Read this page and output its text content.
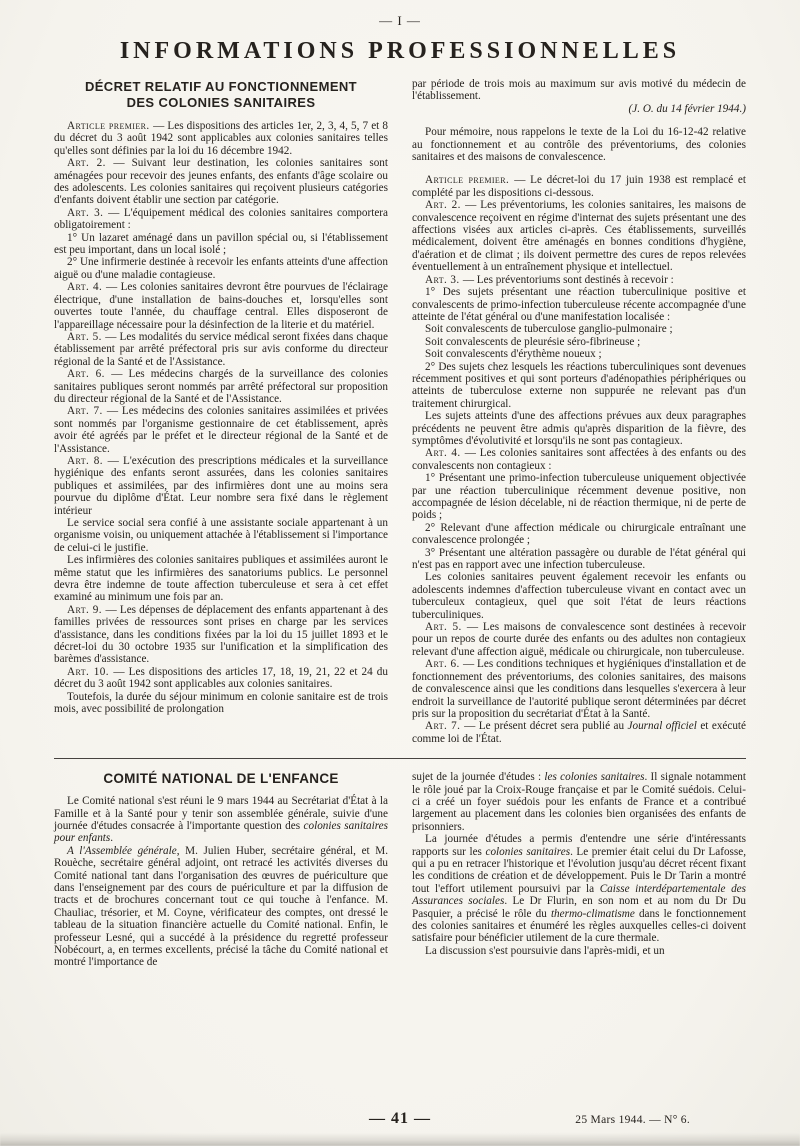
— I —
INFORMATIONS PROFESSIONNELLES
DÉCRET RELATIF AU FONCTIONNEMENT
DES COLONIES SANITAIRES

Article premier. — Les dispositions des articles 1er, 2, 3, 4, 5, 7 et 8 du décret du 3 août 1942 sont applicables aux colonies sanitaires telles qu'elles sont définies par la loi du 16 décembre 1942.

Art. 2. — Suivant leur destination, les colonies sanitaires sont aménagées pour recevoir des jeunes enfants, des enfants d'âge scolaire ou des adolescents. Les colonies sanitaires qui reçoivent plusieurs catégories d'enfants doivent établir une section par catégorie.

Art. 3. — L'équipement médical des colonies sanitaires comportera obligatoirement :

1° Un lazaret aménagé dans un pavillon spécial ou, si l'établissement est peu important, dans un local isolé ;

2° Une infirmerie destinée à recevoir les enfants atteints d'une affection aiguë ou d'une maladie contagieuse.

Art. 4. — Les colonies sanitaires devront être pourvues de l'éclairage électrique, d'une installation de bains-douches et, lorsqu'elles sont ouvertes toute l'année, du chauffage central. Elles disposeront de l'appareillage nécessaire pour la désinfection de la literie et du matériel.

Art. 5. — Les modalités du service médical seront fixées dans chaque établissement par arrêté préfectoral pris sur avis conforme du directeur régional de la Santé et de l'Assistance.

Art. 6. — Les médecins chargés de la surveillance des colonies sanitaires publiques seront nommés par arrêté préfectoral sur proposition du directeur régional de la Santé et de l'Assistance.

Art. 7. — Les médecins des colonies sanitaires assimilées et privées sont nommés par l'organisme gestionnaire de cet établissement, après avoir été agréés par le préfet et le directeur régional de la Santé et de l'Assistance.

Art. 8. — L'exécution des prescriptions médicales et la surveillance hygiénique des enfants seront assurées, dans les colonies sanitaires publiques et assimilées, par des infirmières dont une au moins sera pourvue du diplôme d'État. Leur nombre sera fixé dans le règlement intérieur

Le service social sera confié à une assistante sociale appartenant à un organisme voisin, ou uniquement attachée à l'établissement si l'importance de celui-ci le justifie.

Les infirmières des colonies sanitaires publiques et assimilées auront le même statut que les infirmières des sanatoriums publics. Le personnel devra être indemne de toute affection tuberculeuse et sera à cet effet examiné au minimum une fois par an.

Art. 9. — Les dépenses de déplacement des enfants appartenant à des familles privées de ressources sont prises en charge par les services d'assistance, dans les conditions fixées par la loi du 15 juillet 1893 et le décret-loi du 30 octobre 1935 sur l'unification et la simplification des barèmes d'assistance.

Art. 10. — Les dispositions des articles 17, 18, 19, 21, 22 et 24 du décret du 3 août 1942 sont applicables aux colonies sanitaires.

Toutefois, la durée du séjour minimum en colonie sanitaire est de trois mois, avec possibilité de prolongation

par période de trois mois au maximum sur avis motivé du médecin de l'établissement.

(J. O. du 14 février 1944.)

Pour mémoire, nous rappelons le texte de la Loi du 16-12-42 relative au fonctionnement et au contrôle des préventoriums, des colonies sanitaires et des maisons de convalescence.

Article premier. — Le décret-loi du 17 juin 1938 est remplacé et complété par les dispositions ci-dessous.

Art. 2. — Les préventoriums, les colonies sanitaires, les maisons de convalescence reçoivent en régime d'internat des sujets présentant une des affections visées aux articles ci-après. Ces établissements, surveillés médicalement, doivent être aménagés en bonnes conditions d'hygiène, d'aération et de climat ; ils doivent permettre des cures de repos relevées éventuellement à un entraînement physique et intellectuel.

Art. 3. — Les préventoriums sont destinés à recevoir :

1° Des sujets présentant une réaction tuberculinique positive et convalescents de primo-infection tuberculeuse récente accompagnée d'une atteinte de l'état général ou d'une manifestation localisée :

Soit convalescents de tuberculose ganglio-pulmonaire ;

Soit convalescents de pleurésie séro-fibrineuse ;

Soit convalescents d'érythème noueux ;

2° Des sujets chez lesquels les réactions tuberculiniques sont devenues récemment positives et qui sont porteurs d'adénopathies périphériques ou atteints de tuberculose externe non suppurée ne relevant pas d'un traitement chirurgical.

Les sujets atteints d'une des affections prévues aux deux paragraphes précédents ne peuvent être admis qu'après disparition de la fièvre, des symptômes d'évolutivité et lorsqu'ils ne sont pas contagieux.

Art. 4. — Les colonies sanitaires sont affectées à des enfants ou des convalescents non contagieux :

1° Présentant une primo-infection tuberculeuse uniquement objectivée par une réaction tuberculinique récemment devenue positive, non accompagnée de lésion décelable, ni de réaction thermique, ni de perte de poids ;

2° Relevant d'une affection médicale ou chirurgicale entraînant une convalescence prolongée ;

3° Présentant une altération passagère ou durable de l'état général qui n'est pas en rapport avec une infection tuberculeuse.

Les colonies sanitaires peuvent également recevoir les enfants ou adolescents indemnes d'affection tuberculeuse vivant en contact avec un tuberculeux contagieux, quel que soit l'état de leurs réactions tuberculiniques.

Art. 5. — Les maisons de convalescence sont destinées à recevoir pour un repos de courte durée des enfants ou des adultes non contagieux relevant d'une affection aiguë, médicale ou chirurgicale, non tuberculeuse.

Art. 6. — Les conditions techniques et hygiéniques d'installation et de fonctionnement des préventoriums, des colonies sanitaires, des maisons de convalescence ainsi que les conditions dans lesquelles s'exercera à leur endroit la surveillance de l'autorité publique seront déterminées par décret pris sur la proposition du secrétariat d'État à la Santé.

Art. 7. — Le présent décret sera publié au Journal officiel et exécuté comme loi de l'État.

COMITÉ NATIONAL DE L'ENFANCE

Le Comité national s'est réuni le 9 mars 1944 au Secrétariat d'État à la Famille et à la Santé pour y tenir son assemblée générale, suivie d'une journée d'études consacrée à l'importante question des colonies sanitaires pour enfants.

A l'Assemblée générale, M. Julien Huber, secrétaire général, et M. Rouèche, secrétaire général adjoint, ont retracé les activités diverses du Comité national tant dans l'organisation des œuvres de puériculture que dans l'enseignement par des cours de puériculture et par la diffusion de tracts et de brochures concernant tout ce qui touche à l'enfance. M. Chauliac, trésorier, et M. Coyne, vérificateur des comptes, ont dressé le tableau de la situation financière actuelle du Comité national. Enfin, le professeur Lesné, qui a succédé à la présidence du regretté professeur Nobécourt, a, en termes excellents, précisé la tâche du Comité national et montré l'importance de

sujet de la journée d'études : les colonies sanitaires. Il signale notamment le rôle joué par la Croix-Rouge française et par le Comité suédois. Celui-ci a créé un foyer suédois pour les enfants de France et a contribué largement au placement dans les colonies bien organisées des enfants de prisonniers.

La journée d'études a permis d'entendre une série d'intéressants rapports sur les colonies sanitaires. Le premier était celui du Dr Lafosse, qui a pu en retracer l'historique et l'évolution jusqu'au décret récent fixant les conditions de création et de développement. Puis le Dr Tarin a montré tout l'effort utilement poursuivi par la Caisse interdépartementale des Assurances sociales. Le Dr Flurin, en son nom et au nom du Dr Du Pasquier, a précisé le rôle du thermo-climatisme dans le fonctionnement des colonies sanitaires et énuméré les règles auxquelles celles-ci doivent satisfaire pour bénéficier utilement de la cure thermale.

La discussion s'est poursuivie dans l'après-midi, et un

— 41 —	25 Mars 1944. — N° 6.
